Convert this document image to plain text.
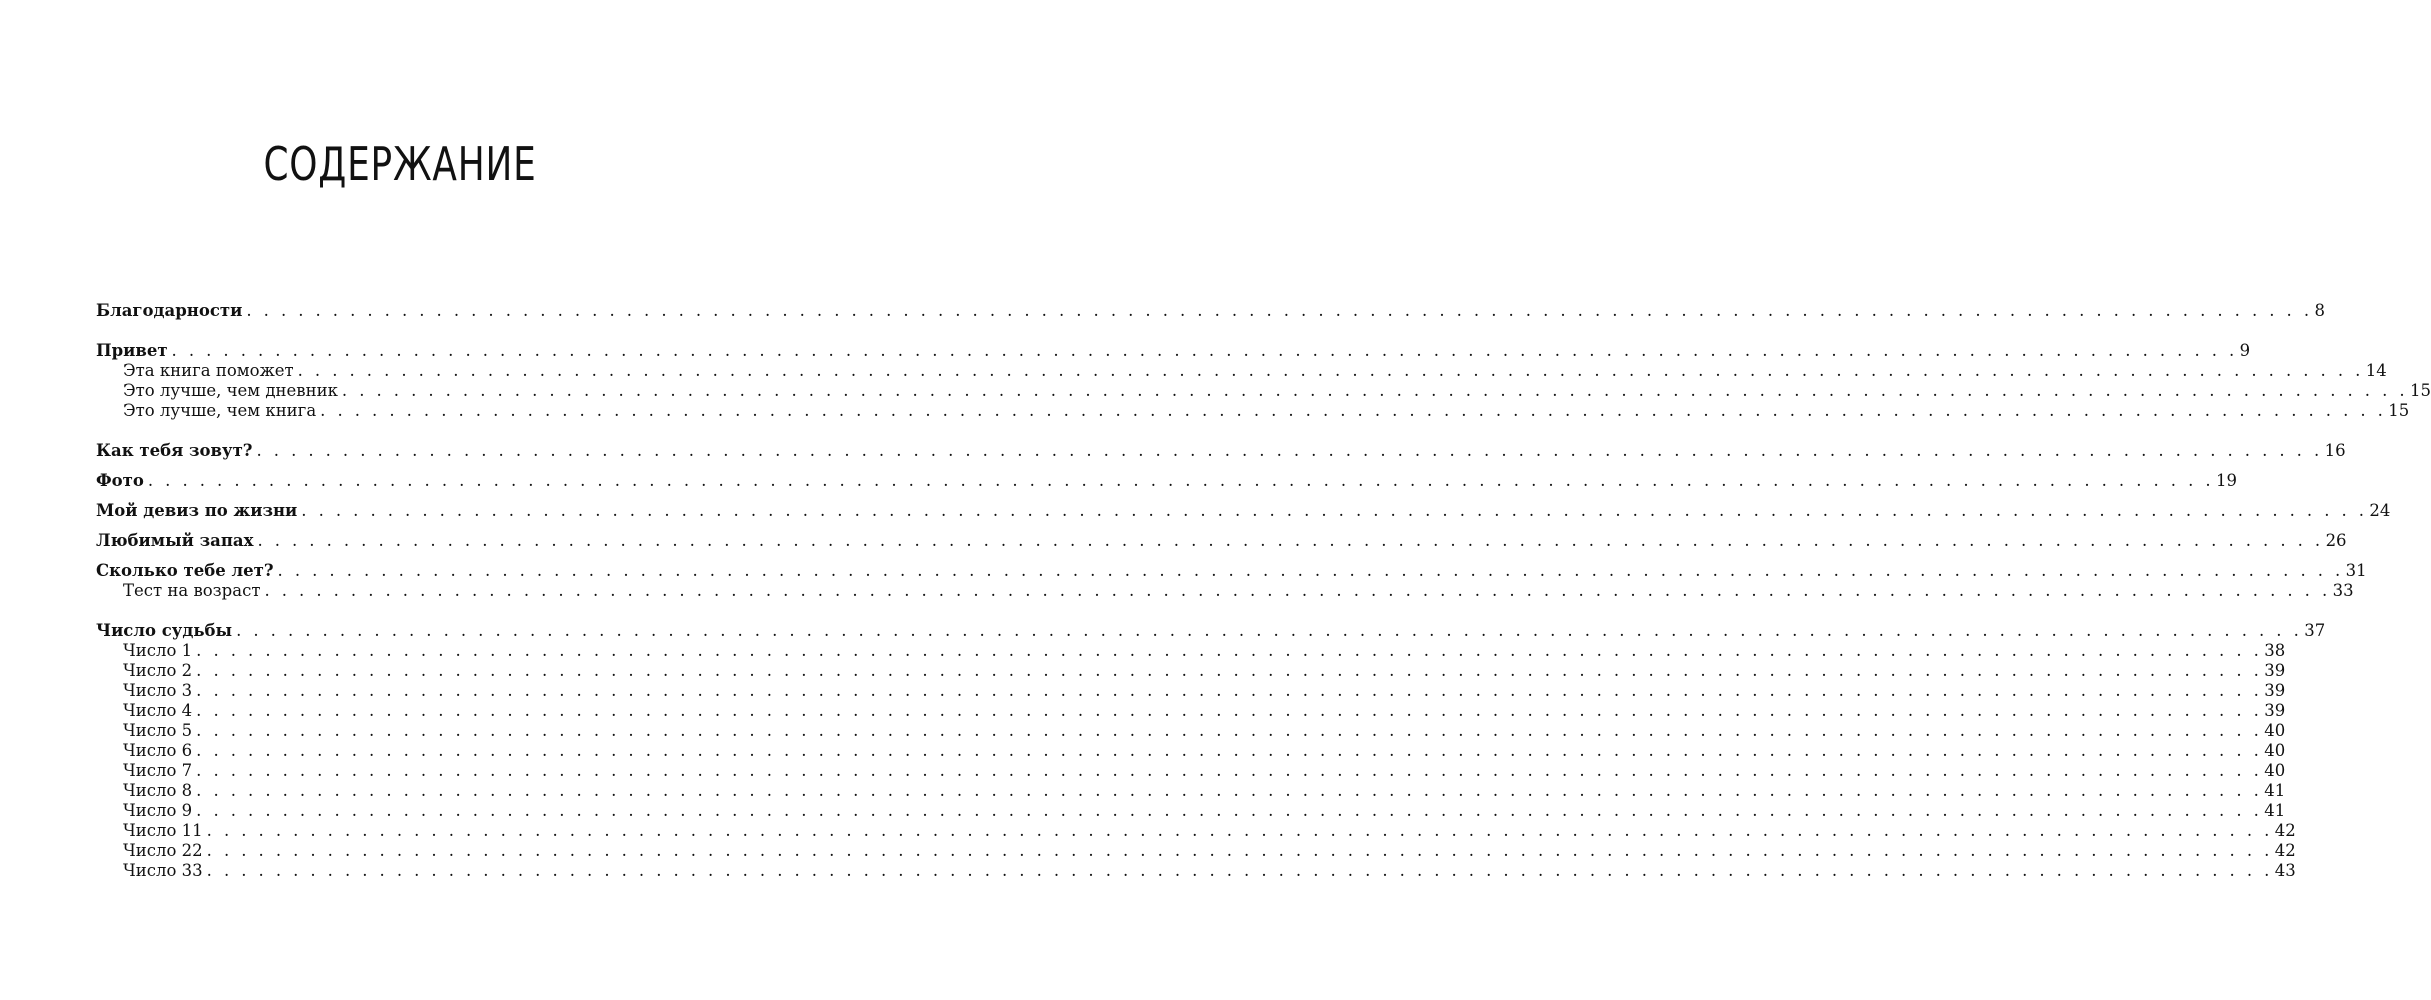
СОДЕРЖАНИЕ
Благодарности . . . . . . . . . . . . . . . . . . . . . . . . . . . . . . . . . . . . . . . . . . . . . . . . . . . . . . . . . . . . . . . . . . . . . . . . . . . . . . . . . . . . . . . . . . . . . . . . . . . . . . . . . . . . . . . . . . . . . . . . 8
Привет . . . . . . . . . . . . . . . . . . . . . . . . . . . . . . . . . . . . . . . . . . . . . . . . . . . . . . . . . . . . . . . . . . . . . . . . . . . . . . . . . . . . . . . . . . . . . . . . . . . . . . . . . . . . . . . . . . . . . . . . 9
Эта книга поможет . . . . . . . . . . . . . . . . . . . . . . . . . . . . . . . . . . . . . . . . . . . . . . . . . . . . . . . . . . . . . . . . . . . . . . . . . . . . . . . . . . . . . . . . . . . . . . . . . . . . . . . . . . . . . . . . . . . . . . . . 14
Это лучше, чем дневник . . . . . . . . . . . . . . . . . . . . . . . . . . . . . . . . . . . . . . . . . . . . . . . . . . . . . . . . . . . . . . . . . . . . . . . . . . . . . . . . . . . . . . . . . . . . . . . . . . . . . . . . . . . . . . . . . . . . . . . . 15
Это лучше, чем книга . . . . . . . . . . . . . . . . . . . . . . . . . . . . . . . . . . . . . . . . . . . . . . . . . . . . . . . . . . . . . . . . . . . . . . . . . . . . . . . . . . . . . . . . . . . . . . . . . . . . . . . . . . . . . . . . . . . . . . . . 15
Как тебя зовут? . . . . . . . . . . . . . . . . . . . . . . . . . . . . . . . . . . . . . . . . . . . . . . . . . . . . . . . . . . . . . . . . . . . . . . . . . . . . . . . . . . . . . . . . . . . . . . . . . . . . . . . . . . . . . . . . . . . . . . . . 16
Фото . . . . . . . . . . . . . . . . . . . . . . . . . . . . . . . . . . . . . . . . . . . . . . . . . . . . . . . . . . . . . . . . . . . . . . . . . . . . . . . . . . . . . . . . . . . . . . . . . . . . . . . . . . . . . . . . . . . . . . . . 19
Мой девиз по жизни . . . . . . . . . . . . . . . . . . . . . . . . . . . . . . . . . . . . . . . . . . . . . . . . . . . . . . . . . . . . . . . . . . . . . . . . . . . . . . . . . . . . . . . . . . . . . . . . . . . . . . . . . . . . . . . . . . . . . . . . 24
Любимый запах . . . . . . . . . . . . . . . . . . . . . . . . . . . . . . . . . . . . . . . . . . . . . . . . . . . . . . . . . . . . . . . . . . . . . . . . . . . . . . . . . . . . . . . . . . . . . . . . . . . . . . . . . . . . . . . . . . . . . . . . 26
Сколько тебе лет? . . . . . . . . . . . . . . . . . . . . . . . . . . . . . . . . . . . . . . . . . . . . . . . . . . . . . . . . . . . . . . . . . . . . . . . . . . . . . . . . . . . . . . . . . . . . . . . . . . . . . . . . . . . . . . . . . . . . . . . . 31
Тест на возраст . . . . . . . . . . . . . . . . . . . . . . . . . . . . . . . . . . . . . . . . . . . . . . . . . . . . . . . . . . . . . . . . . . . . . . . . . . . . . . . . . . . . . . . . . . . . . . . . . . . . . . . . . . . . . . . . . . . . . . . . 33
Число судьбы . . . . . . . . . . . . . . . . . . . . . . . . . . . . . . . . . . . . . . . . . . . . . . . . . . . . . . . . . . . . . . . . . . . . . . . . . . . . . . . . . . . . . . . . . . . . . . . . . . . . . . . . . . . . . . . . . . . . . . . . 37
Число 1 . . . . . . . . . . . . . . . . . . . . . . . . . . . . . . . . . . . . . . . . . . . . . . . . . . . . . . . . . . . . . . . . . . . . . . . . . . . . . . . . . . . . . . . . . . . . . . . . . . . . . . . . . . . . . . . . . . . . . . . . 38
Число 2 . . . . . . . . . . . . . . . . . . . . . . . . . . . . . . . . . . . . . . . . . . . . . . . . . . . . . . . . . . . . . . . . . . . . . . . . . . . . . . . . . . . . . . . . . . . . . . . . . . . . . . . . . . . . . . . . . . . . . . . . 39
Число 3 . . . . . . . . . . . . . . . . . . . . . . . . . . . . . . . . . . . . . . . . . . . . . . . . . . . . . . . . . . . . . . . . . . . . . . . . . . . . . . . . . . . . . . . . . . . . . . . . . . . . . . . . . . . . . . . . . . . . . . . . 39
Число 4 . . . . . . . . . . . . . . . . . . . . . . . . . . . . . . . . . . . . . . . . . . . . . . . . . . . . . . . . . . . . . . . . . . . . . . . . . . . . . . . . . . . . . . . . . . . . . . . . . . . . . . . . . . . . . . . . . . . . . . . . 39
Число 5 . . . . . . . . . . . . . . . . . . . . . . . . . . . . . . . . . . . . . . . . . . . . . . . . . . . . . . . . . . . . . . . . . . . . . . . . . . . . . . . . . . . . . . . . . . . . . . . . . . . . . . . . . . . . . . . . . . . . . . . . 40
Число 6 . . . . . . . . . . . . . . . . . . . . . . . . . . . . . . . . . . . . . . . . . . . . . . . . . . . . . . . . . . . . . . . . . . . . . . . . . . . . . . . . . . . . . . . . . . . . . . . . . . . . . . . . . . . . . . . . . . . . . . . . 40
Число 7 . . . . . . . . . . . . . . . . . . . . . . . . . . . . . . . . . . . . . . . . . . . . . . . . . . . . . . . . . . . . . . . . . . . . . . . . . . . . . . . . . . . . . . . . . . . . . . . . . . . . . . . . . . . . . . . . . . . . . . . . 40
Число 8 . . . . . . . . . . . . . . . . . . . . . . . . . . . . . . . . . . . . . . . . . . . . . . . . . . . . . . . . . . . . . . . . . . . . . . . . . . . . . . . . . . . . . . . . . . . . . . . . . . . . . . . . . . . . . . . . . . . . . . . . 41
Число 9 . . . . . . . . . . . . . . . . . . . . . . . . . . . . . . . . . . . . . . . . . . . . . . . . . . . . . . . . . . . . . . . . . . . . . . . . . . . . . . . . . . . . . . . . . . . . . . . . . . . . . . . . . . . . . . . . . . . . . . . . 41
Число 11 . . . . . . . . . . . . . . . . . . . . . . . . . . . . . . . . . . . . . . . . . . . . . . . . . . . . . . . . . . . . . . . . . . . . . . . . . . . . . . . . . . . . . . . . . . . . . . . . . . . . . . . . . . . . . . . . . . . . . . . . 42
Число 22 . . . . . . . . . . . . . . . . . . . . . . . . . . . . . . . . . . . . . . . . . . . . . . . . . . . . . . . . . . . . . . . . . . . . . . . . . . . . . . . . . . . . . . . . . . . . . . . . . . . . . . . . . . . . . . . . . . . . . . . . 42
Число 33 . . . . . . . . . . . . . . . . . . . . . . . . . . . . . . . . . . . . . . . . . . . . . . . . . . . . . . . . . . . . . . . . . . . . . . . . . . . . . . . . . . . . . . . . . . . . . . . . . . . . . . . . . . . . . . . . . . . . . . . . 43
